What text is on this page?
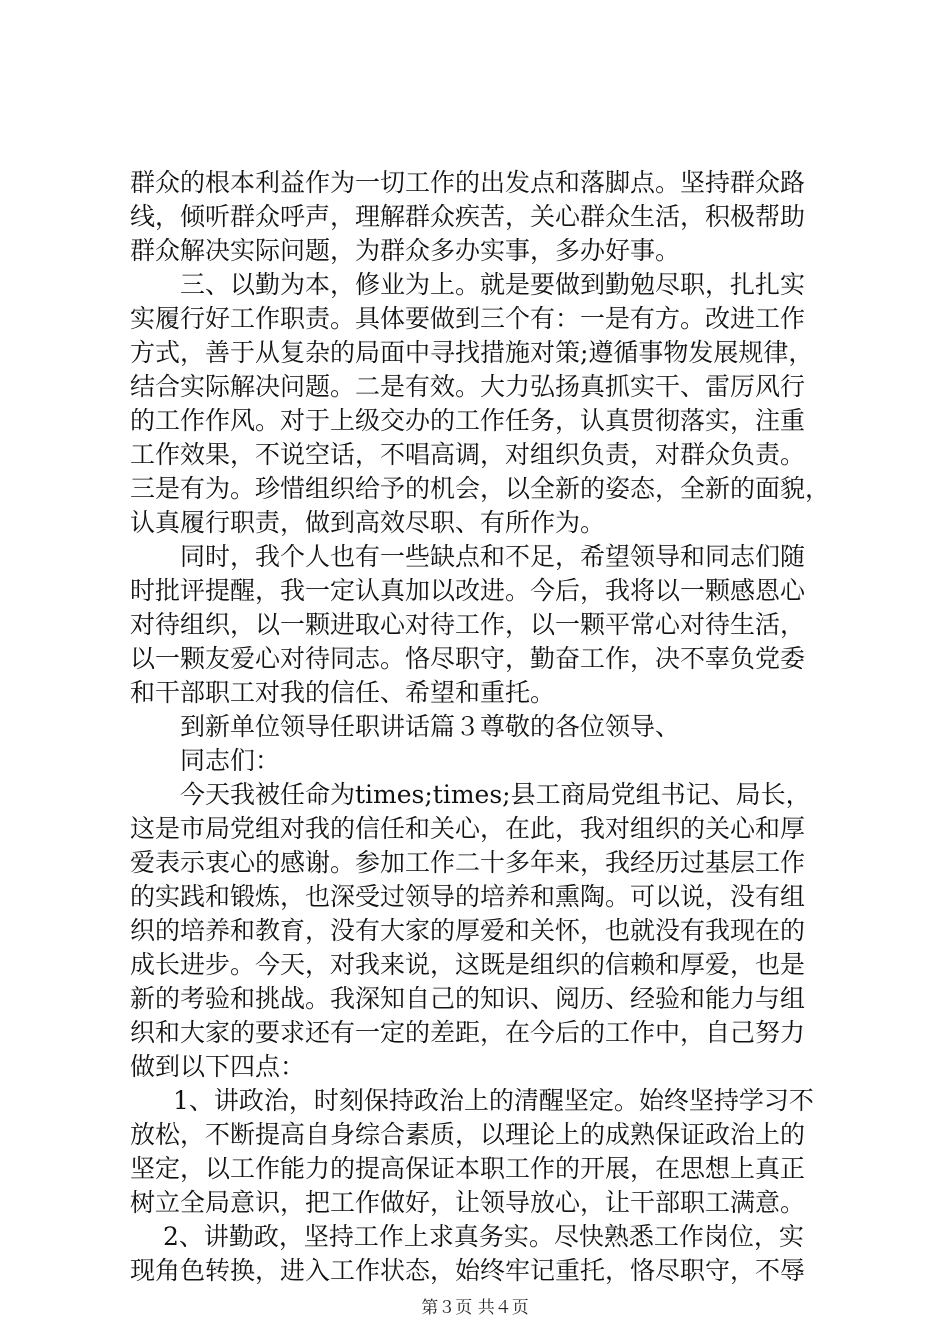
群众的根本利益作为一切工作的出发点和落脚点。坚持群众路
线，倾听群众呼声，理解群众疾苦，关心群众生活，积极帮助
群众解决实际问题，为群众多办实事，多办好事。
三、以勤为本，修业为上。就是要做到勤勉尽职，扎扎实
实履行好工作职责。具体要做到三个有：一是有方。改进工作
方式，善于从复杂的局面中寻找措施对策;遵循事物发展规律，
结合实际解决问题。二是有效。大力弘扬真抓实干、雷厉风行
的工作作风。对于上级交办的工作任务，认真贯彻落实，注重
工作效果，不说空话，不唱高调，对组织负责，对群众负责。
三是有为。珍惜组织给予的机会，以全新的姿态，全新的面貌，
认真履行职责，做到高效尽职、有所作为。
同时，我个人也有一些缺点和不足，希望领导和同志们随
时批评提醒，我一定认真加以改进。今后，我将以一颗感恩心
对待组织，以一颗进取心对待工作，以一颗平常心对待生活，
以一颗友爱心对待同志。恪尽职守，勤奋工作，决不辜负党委
和干部职工对我的信任、希望和重托。
到新单位领导任职讲话篇３尊敬的各位领导、
同志们：
今天我被任命为times;times;县工商局党组书记、局长，
这是市局党组对我的信任和关心，在此，我对组织的关心和厚
爱表示衷心的感谢。参加工作二十多年来，我经历过基层工作
的实践和锻炼，也深受过领导的培养和熏陶。可以说，没有组
织的培养和教育，没有大家的厚爱和关怀，也就没有我现在的
成长进步。今天，对我来说，这既是组织的信赖和厚爱，也是
新的考验和挑战。我深知自己的知识、阅历、经验和能力与组
织和大家的要求还有一定的差距，在今后的工作中，自己努力
做到以下四点：
1、讲政治，时刻保持政治上的清醒坚定。始终坚持学习不
放松，不断提高自身综合素质，以理论上的成熟保证政治上的
坚定，以工作能力的提高保证本职工作的开展，在思想上真正
树立全局意识，把工作做好，让领导放心，让干部职工满意。
2、讲勤政，坚持工作上求真务实。尽快熟悉工作岗位，实
现角色转换，进入工作状态，始终牢记重托，恪尽职守，不辱
第３页 共４页
